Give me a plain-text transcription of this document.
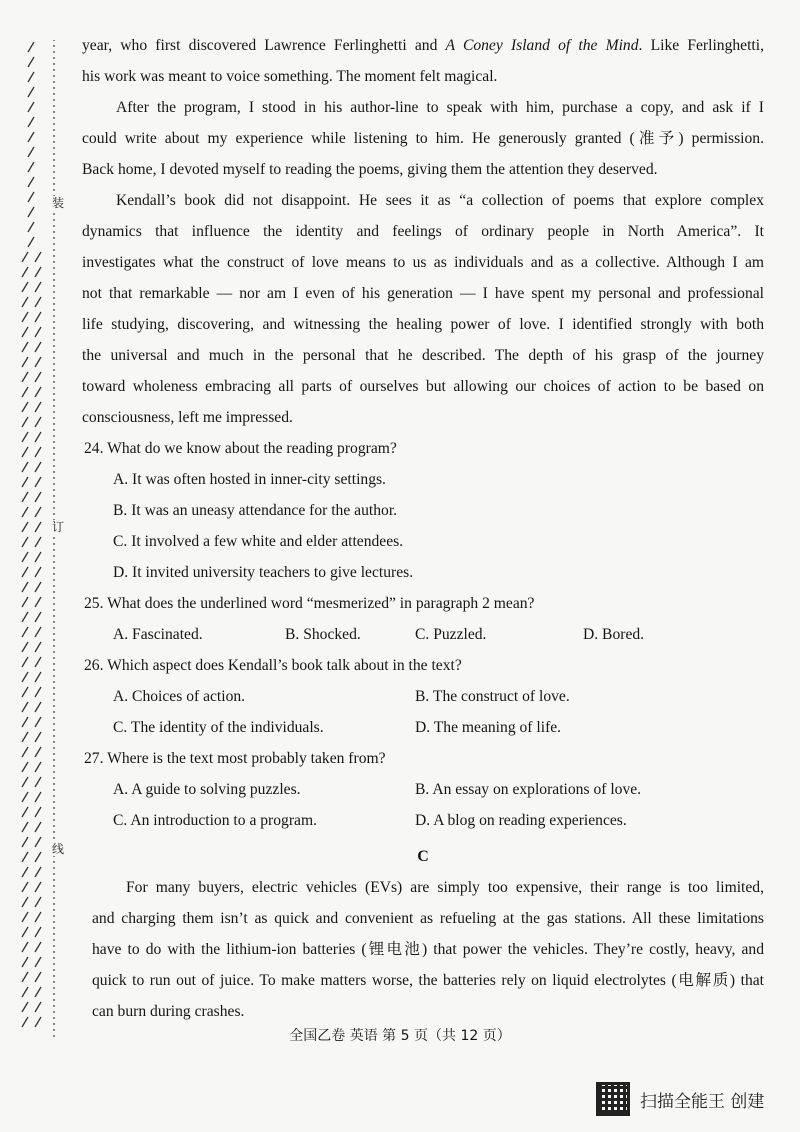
装
订
线
year, who first discovered Lawrence Ferlinghetti and A Coney Island of the Mind. Like Ferlinghetti,
his work was meant to voice something. The moment felt magical.
After the program, I stood in his author-line to speak with him, purchase a copy, and ask if I
could write about my experience while listening to him. He generously granted (准予) permission.
Back home, I devoted myself to reading the poems, giving them the attention they deserved.
Kendall’s book did not disappoint. He sees it as “a collection of poems that explore complex
dynamics that influence the identity and feelings of ordinary people in North America”. It
investigates what the construct of love means to us as individuals and as a collective. Although I am
not that remarkable — nor am I even of his generation — I have spent my personal and professional
life studying, discovering, and witnessing the healing power of love. I identified strongly with both
the universal and much in the personal that he described. The depth of his grasp of the journey
toward wholeness embracing all parts of ourselves but allowing our choices of action to be based on
consciousness, left me impressed.
24. What do we know about the reading program?
A. It was often hosted in inner-city settings.
B. It was an uneasy attendance for the author.
C. It involved a few white and elder attendees.
D. It invited university teachers to give lectures.
25. What does the underlined word “mesmerized” in paragraph 2 mean?
A. Fascinated.	B. Shocked.	C. Puzzled.	D. Bored.
26. Which aspect does Kendall’s book talk about in the text?
A. Choices of action.	B. The construct of love.
C. The identity of the individuals.	D. The meaning of life.
27. Where is the text most probably taken from?
A. A guide to solving puzzles.	B. An essay on explorations of love.
C. An introduction to a program.	D. A blog on reading experiences.
C
For many buyers, electric vehicles (EVs) are simply too expensive, their range is too limited,
and charging them isn’t as quick and convenient as refueling at the gas stations. All these limitations
have to do with the lithium-ion batteries (锂电池) that power the vehicles. They’re costly, heavy, and
quick to run out of juice. To make matters worse, the batteries rely on liquid electrolytes (电解质) that
can burn during crashes.
全国乙卷 英语 第 5 页（共 12 页）
扫描全能王 创建
